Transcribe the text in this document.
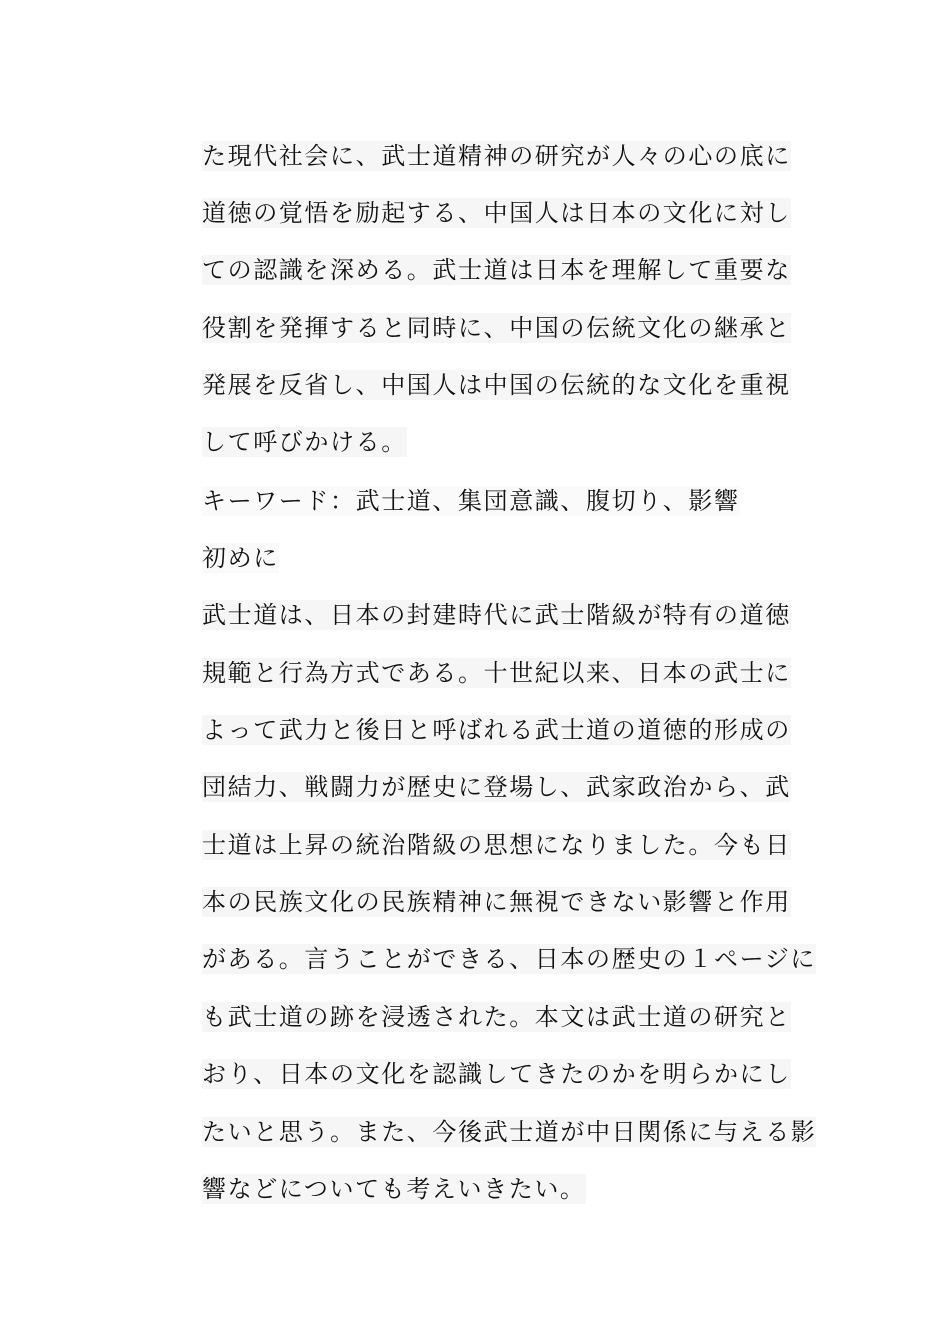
た現代社会に、武士道精神の研究が人々の心の底に
道徳の覚悟を励起する、中国人は日本の文化に対し
ての認識を深める。武士道は日本を理解して重要な
役割を発揮すると同時に、中国の伝統文化の継承と
発展を反省し、中国人は中国の伝統的な文化を重視
して呼びかける。
キーワード：武士道、集団意識、腹切り、影響
初めに
武士道は、日本の封建時代に武士階級が特有の道徳
規範と行為方式である。十世紀以来、日本の武士に
よって武力と後日と呼ばれる武士道の道徳的形成の
団結力、戦闘力が歴史に登場し、武家政治から、武
士道は上昇の統治階級の思想になりました。今も日
本の民族文化の民族精神に無視できない影響と作用
がある。言うことができる、日本の歴史の１ページに
も武士道の跡を浸透された。本文は武士道の研究と
おり、日本の文化を認識してきたのかを明らかにし
たいと思う。また、今後武士道が中日関係に与える影
響などについても考えいきたい。
